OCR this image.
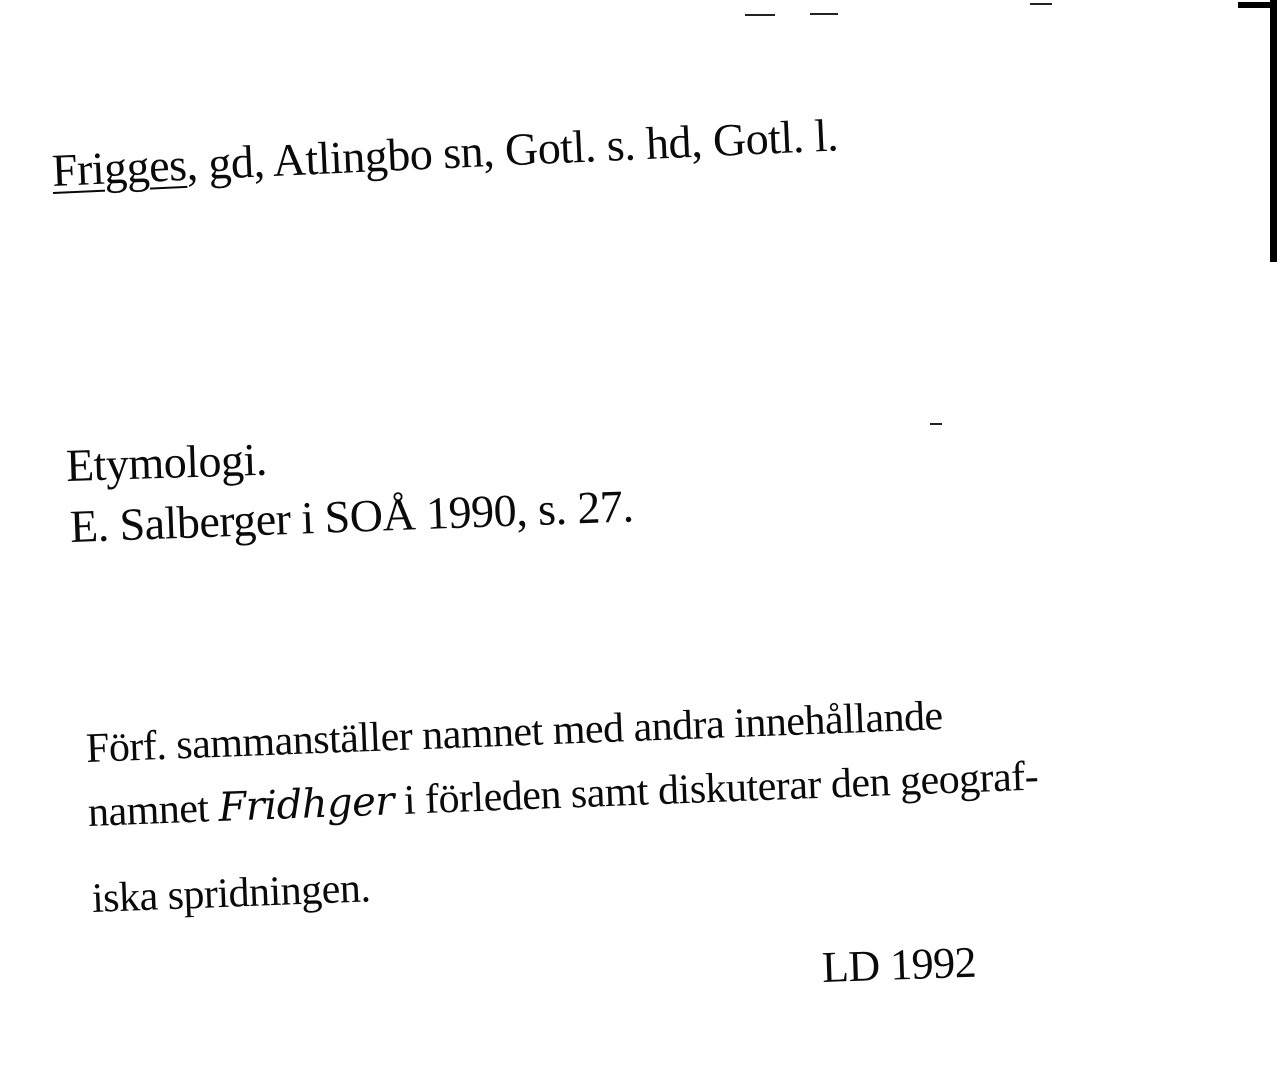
Frigges, gd, Atlingbo sn, Gotl. s. hd, Gotl. l.
Etymologi.
E. Salberger i SOÅ 1990, s. 27.
Förf. sammanställer namnet med andra innehållande
namnet Fridhger i förleden samt diskuterar den geograf-
iska spridningen.
LD 1992
